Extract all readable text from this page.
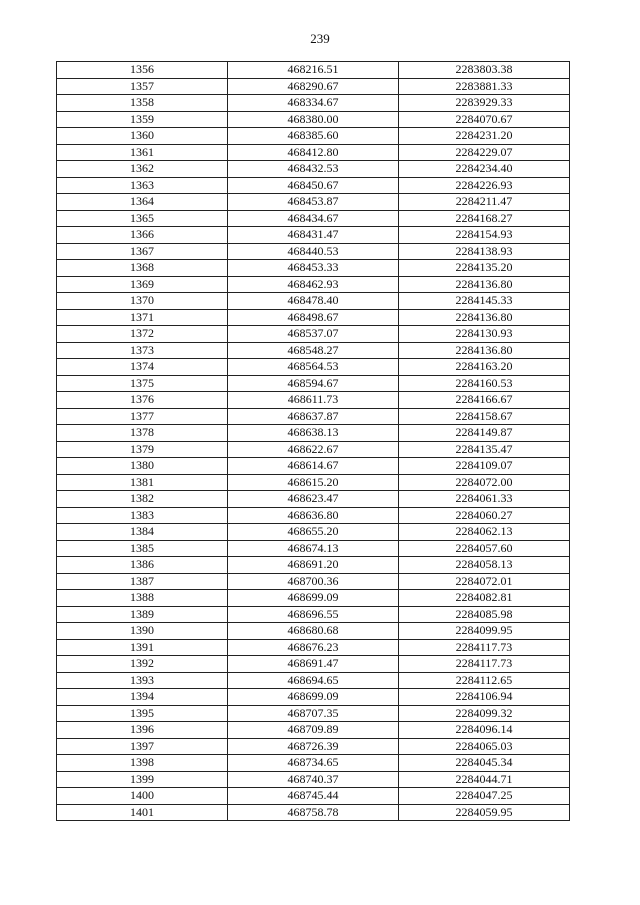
239
1356	468216.51	2283803.38
1357	468290.67	2283881.33
1358	468334.67	2283929.33
1359	468380.00	2284070.67
1360	468385.60	2284231.20
1361	468412.80	2284229.07
1362	468432.53	2284234.40
1363	468450.67	2284226.93
1364	468453.87	2284211.47
1365	468434.67	2284168.27
1366	468431.47	2284154.93
1367	468440.53	2284138.93
1368	468453.33	2284135.20
1369	468462.93	2284136.80
1370	468478.40	2284145.33
1371	468498.67	2284136.80
1372	468537.07	2284130.93
1373	468548.27	2284136.80
1374	468564.53	2284163.20
1375	468594.67	2284160.53
1376	468611.73	2284166.67
1377	468637.87	2284158.67
1378	468638.13	2284149.87
1379	468622.67	2284135.47
1380	468614.67	2284109.07
1381	468615.20	2284072.00
1382	468623.47	2284061.33
1383	468636.80	2284060.27
1384	468655.20	2284062.13
1385	468674.13	2284057.60
1386	468691.20	2284058.13
1387	468700.36	2284072.01
1388	468699.09	2284082.81
1389	468696.55	2284085.98
1390	468680.68	2284099.95
1391	468676.23	2284117.73
1392	468691.47	2284117.73
1393	468694.65	2284112.65
1394	468699.09	2284106.94
1395	468707.35	2284099.32
1396	468709.89	2284096.14
1397	468726.39	2284065.03
1398	468734.65	2284045.34
1399	468740.37	2284044.71
1400	468745.44	2284047.25
1401	468758.78	2284059.95
